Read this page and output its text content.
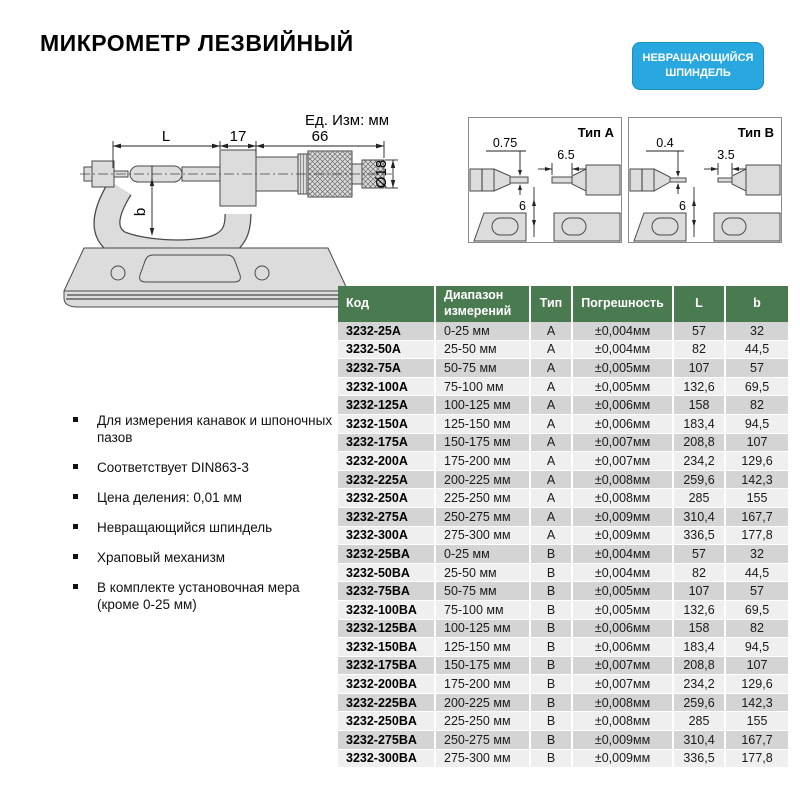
МИКРОМЕТР ЛЕЗВИЙНЫЙ
НЕВРАЩАЮЩИЙСЯ
ШПИНДЕЛЬ
Ед. Изм: мм
L	17	66
b
Ø18
Тип A
0.75
6.5
6
Тип B
0.4
3.5
6
Для измерения канавок и шпоночных пазов
Соответствует DIN863-3
Цена деления: 0,01 мм
Невращающийся шпиндель
Храповый механизм
В комплекте установочная мера (кроме 0-25 мм)
Код	Диапазон измерений	Тип	Погрешность	L	b
3232-25A	0-25 мм	A	±0,004мм	57	32
3232-50A	25-50 мм	A	±0,004мм	82	44,5
3232-75A	50-75 мм	A	±0,005мм	107	57
3232-100A	75-100 мм	A	±0,005мм	132,6	69,5
3232-125A	100-125 мм	A	±0,006мм	158	82
3232-150A	125-150 мм	A	±0,006мм	183,4	94,5
3232-175A	150-175 мм	A	±0,007мм	208,8	107
3232-200A	175-200 мм	A	±0,007мм	234,2	129,6
3232-225A	200-225 мм	A	±0,008мм	259,6	142,3
3232-250A	225-250 мм	A	±0,008мм	285	155
3232-275A	250-275 мм	A	±0,009мм	310,4	167,7
3232-300A	275-300 мм	A	±0,009мм	336,5	177,8
3232-25BA	0-25 мм	B	±0,004мм	57	32
3232-50BA	25-50 мм	B	±0,004мм	82	44,5
3232-75BA	50-75 мм	B	±0,005мм	107	57
3232-100BA	75-100 мм	B	±0,005мм	132,6	69,5
3232-125BA	100-125 мм	B	±0,006мм	158	82
3232-150BA	125-150 мм	B	±0,006мм	183,4	94,5
3232-175BA	150-175 мм	B	±0,007мм	208,8	107
3232-200BA	175-200 мм	B	±0,007мм	234,2	129,6
3232-225BA	200-225 мм	B	±0,008мм	259,6	142,3
3232-250BA	225-250 мм	B	±0,008мм	285	155
3232-275BA	250-275 мм	B	±0,009мм	310,4	167,7
3232-300BA	275-300 мм	B	±0,009мм	336,5	177,8
